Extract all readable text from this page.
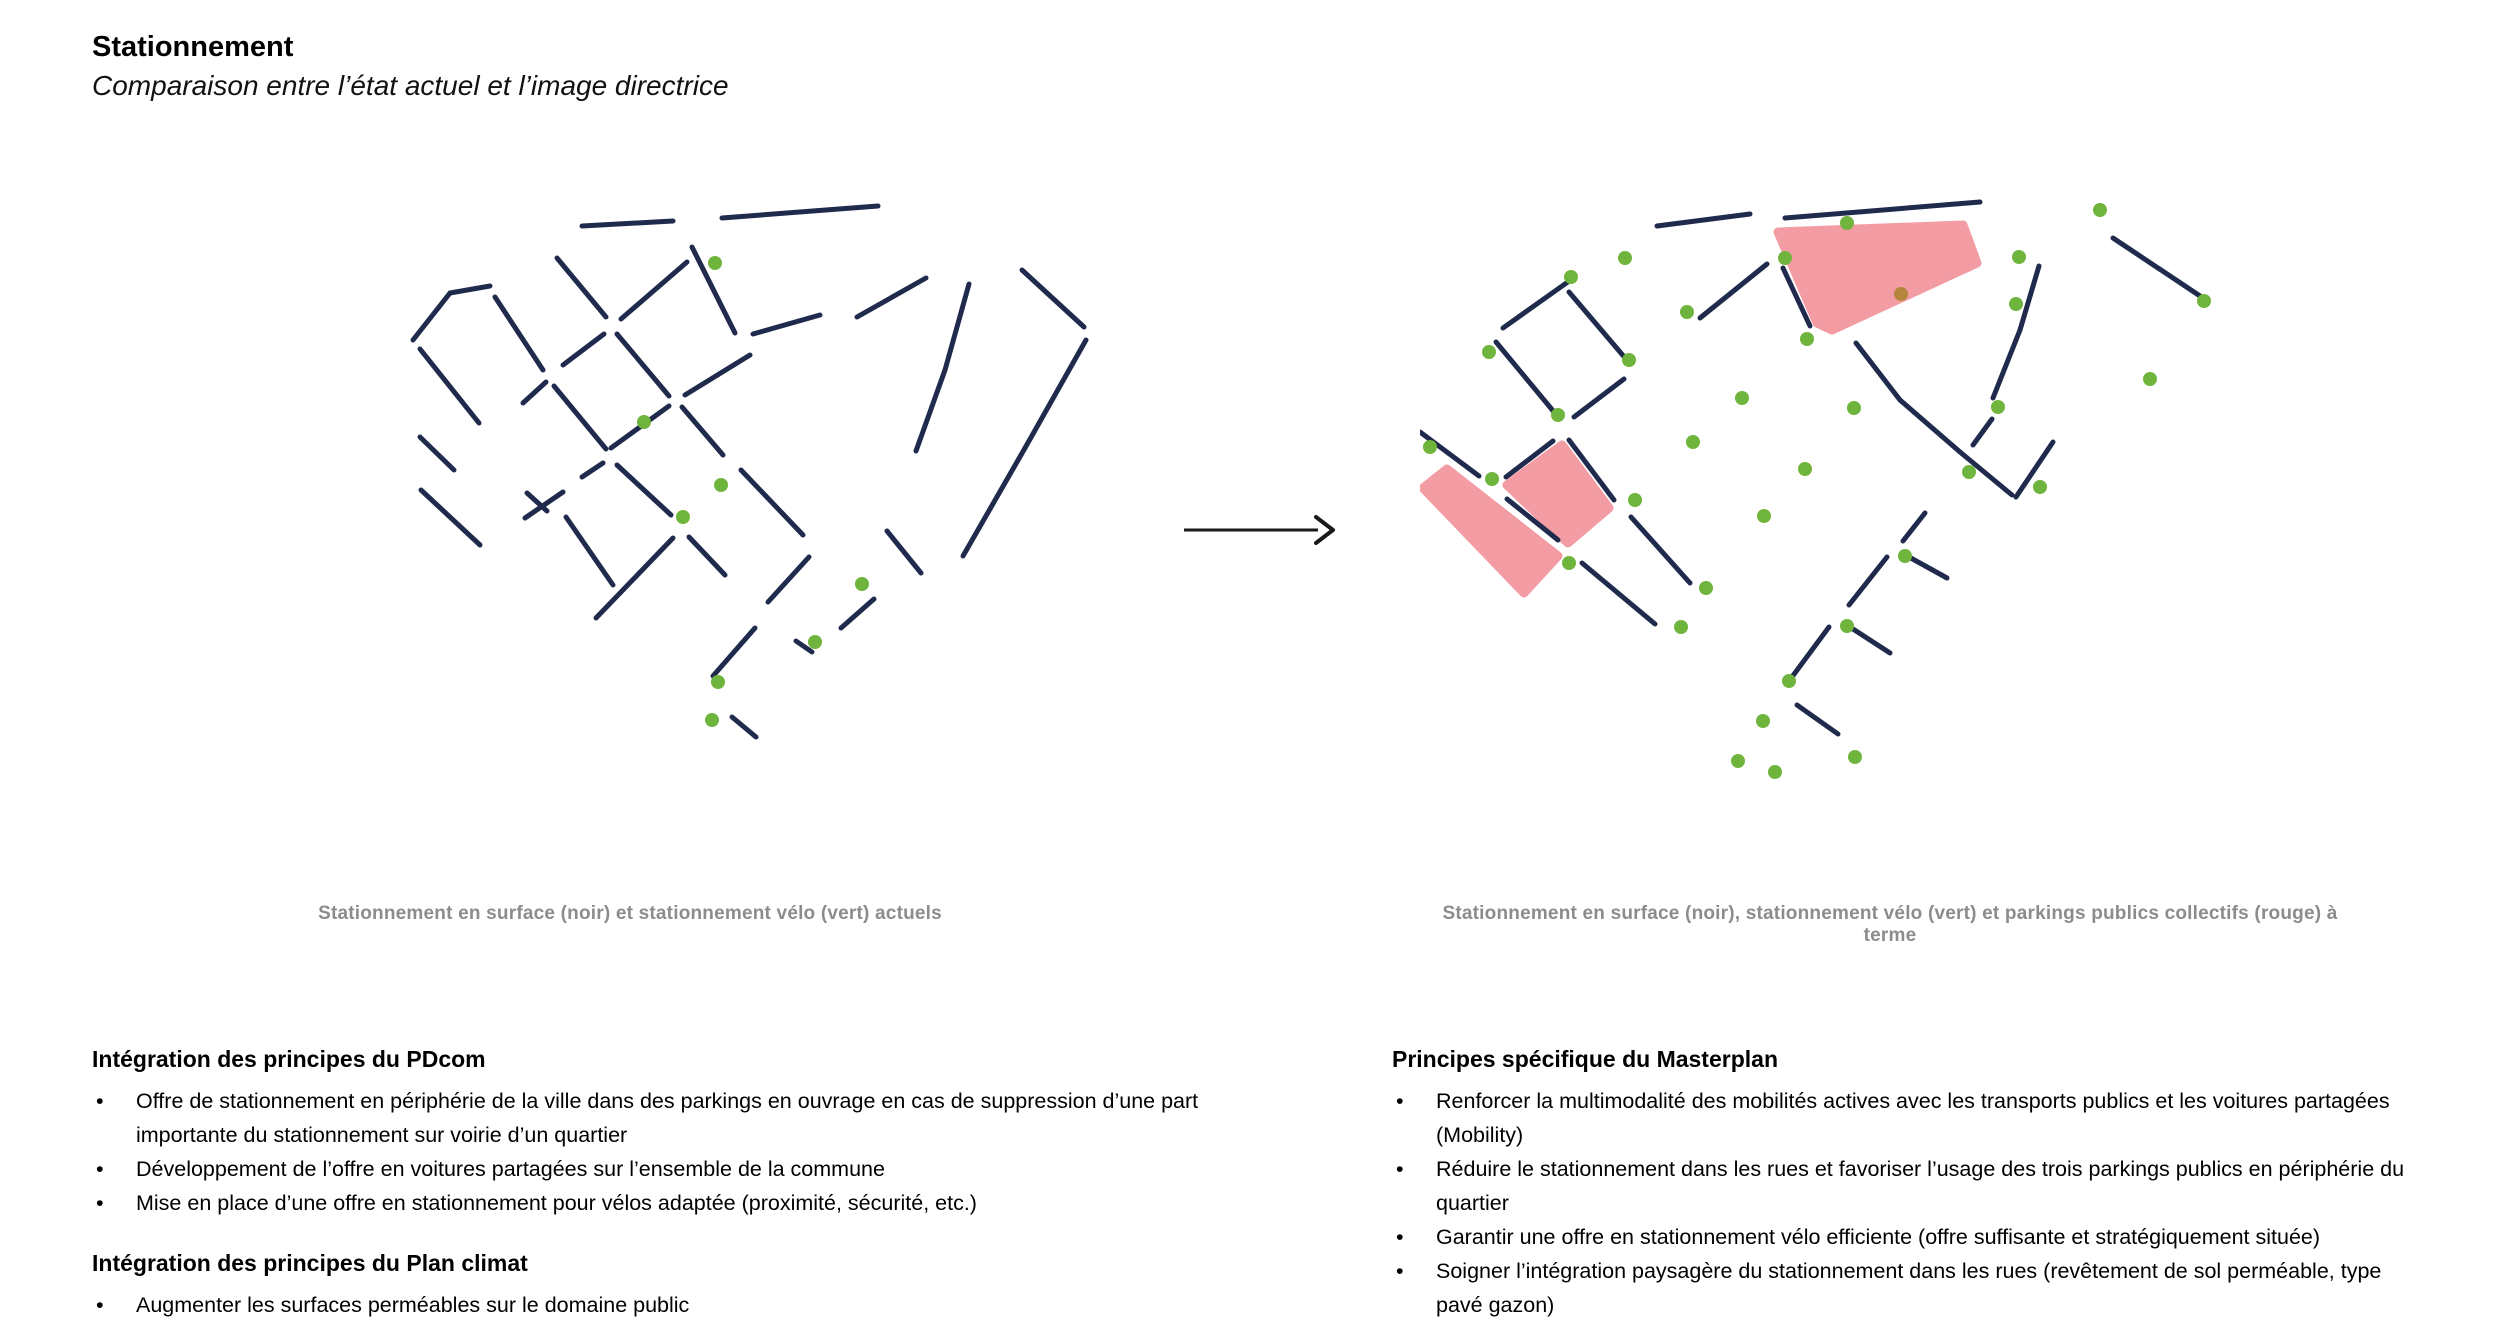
Stationnement
Comparaison entre l’état actuel et l’image directrice
Stationnement en surface (noir) et stationnement vélo (vert) actuels	Stationnement en surface (noir), stationnement vélo (vert) et parkings publics collectifs (rouge) à terme
Intégration des principes du PDcom
• Offre de stationnement en périphérie de la ville dans des parkings en ouvrage en cas de suppression d’une part importante du stationnement sur voirie d’un quartier
• Développement de l’offre en voitures partagées sur l’ensemble de la commune
• Mise en place d’une offre en stationnement pour vélos adaptée (proximité, sécurité, etc.)
Intégration des principes du Plan climat
• Augmenter les surfaces perméables sur le domaine public
Principes spécifique du Masterplan
• Renforcer la multimodalité des mobilités actives avec les transports publics et les voitures partagées (Mobility)
• Réduire le stationnement dans les rues et favoriser l’usage des trois parkings publics en périphérie du quartier
• Garantir une offre en stationnement vélo efficiente (offre suffisante et stratégiquement située)
• Soigner l’intégration paysagère du stationnement dans les rues (revêtement de sol perméable, type pavé gazon)
